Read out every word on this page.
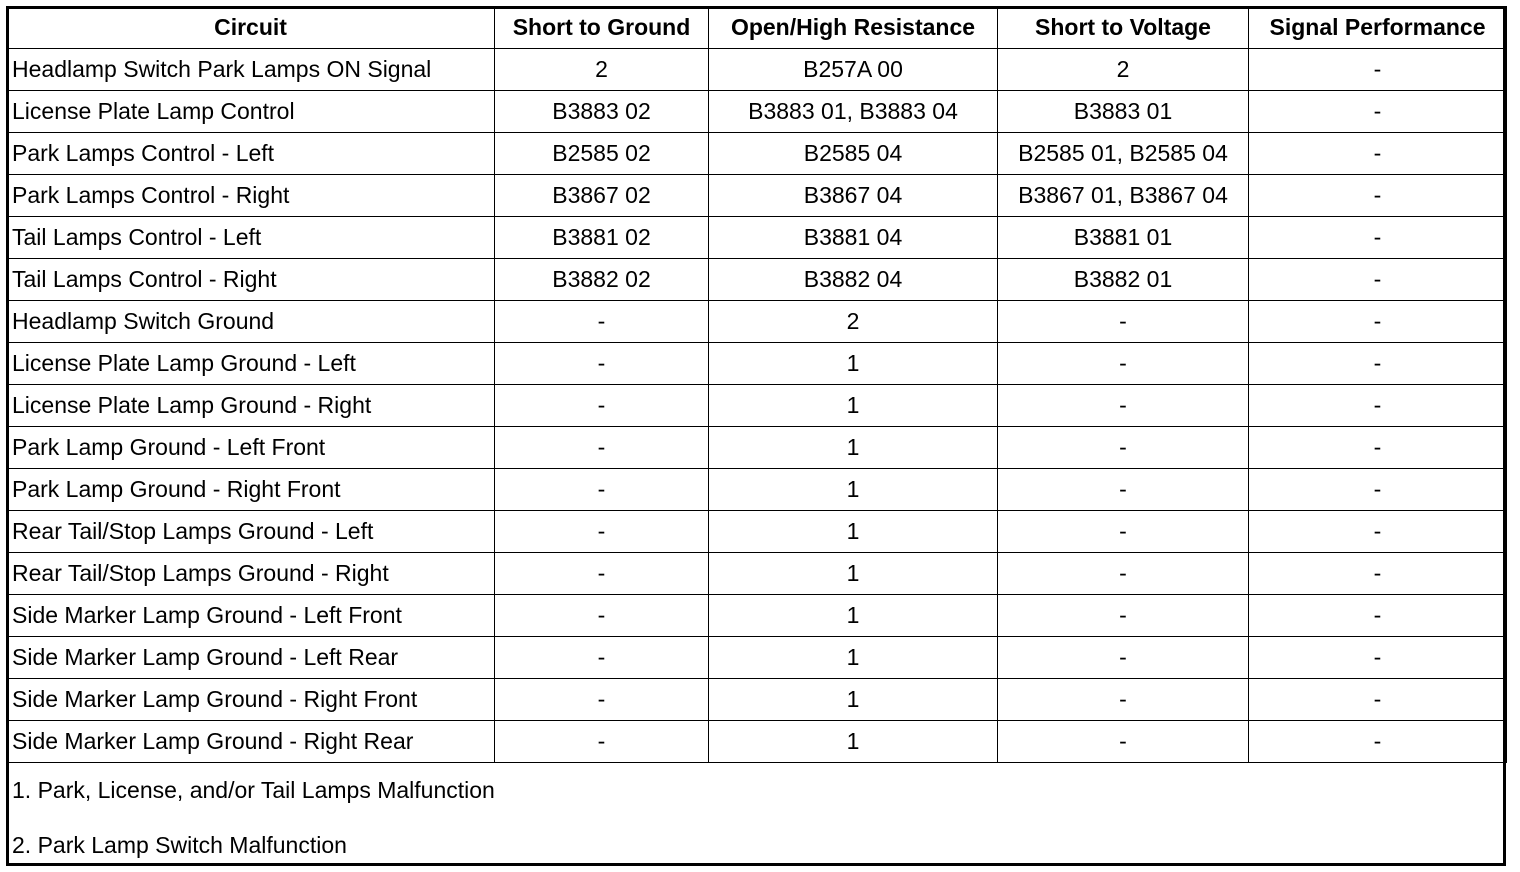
Circuit	Short to Ground	Open/High Resistance	Short to Voltage	Signal Performance
Headlamp Switch Park Lamps ON Signal	2	B257A 00	2	-
License Plate Lamp Control	B3883 02	B3883 01, B3883 04	B3883 01	-
Park Lamps Control - Left	B2585 02	B2585 04	B2585 01, B2585 04	-
Park Lamps Control - Right	B3867 02	B3867 04	B3867 01, B3867 04	-
Tail Lamps Control - Left	B3881 02	B3881 04	B3881 01	-
Tail Lamps Control - Right	B3882 02	B3882 04	B3882 01	-
Headlamp Switch Ground	-	2	-	-
License Plate Lamp Ground - Left	-	1	-	-
License Plate Lamp Ground - Right	-	1	-	-
Park Lamp Ground - Left Front	-	1	-	-
Park Lamp Ground - Right Front	-	1	-	-
Rear Tail/Stop Lamps Ground - Left	-	1	-	-
Rear Tail/Stop Lamps Ground - Right	-	1	-	-
Side Marker Lamp Ground - Left Front	-	1	-	-
Side Marker Lamp Ground - Left Rear	-	1	-	-
Side Marker Lamp Ground - Right Front	-	1	-	-
Side Marker Lamp Ground - Right Rear	-	1	-	-
1. Park, License, and/or Tail Lamps Malfunction
2. Park Lamp Switch Malfunction
